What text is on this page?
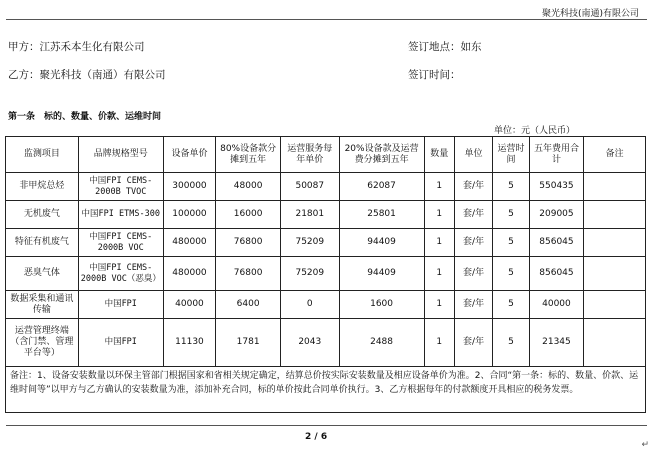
聚光科技(南通)有限公司
甲方：江苏禾本生化有限公司	签订地点：如东
乙方：聚光科技（南通）有限公司	签订时间：
第一条　标的、数量、价款、运维时间
单位：元（人民币）
监测项目	品牌规格型号	设备单价	80%设备款分摊到五年	运营服务每年单价	20%设备款及运营费分摊到五年	数量	单位	运营时间	五年费用合计	备注
非甲烷总烃	中国FPI CEMS-2000B TVOC	300000	48000	50087	62087	1	套/年	5	550435	
无机废气	中国FPI ETMS-300	100000	16000	21801	25801	1	套/年	5	209005	
特征有机废气	中国FPI CEMS-2000B VOC	480000	76800	75209	94409	1	套/年	5	856045	
恶臭气体	中国FPI CEMS-2000B VOC（恶臭）	480000	76800	75209	94409	1	套/年	5	856045	
数据采集和通讯传输	中国FPI	40000	6400	0	1600	1	套/年	5	40000	
运营管理终端（含门禁、管理平台等）	中国FPI	11130	1781	2043	2488	1	套/年	5	21345	
备注：1、设备安装数量以环保主管部门根据国家和省相关规定确定，结算总价按实际安装数量及相应设备单价为准。2、合同“第一条：标的、数量、价款、运维时间等”以甲方与乙方确认的安装数量为准，添加补充合同，标的单价按此合同单价执行。3、乙方根据每年的付款额度开具相应的税务发票。										
2 / 6
↵
